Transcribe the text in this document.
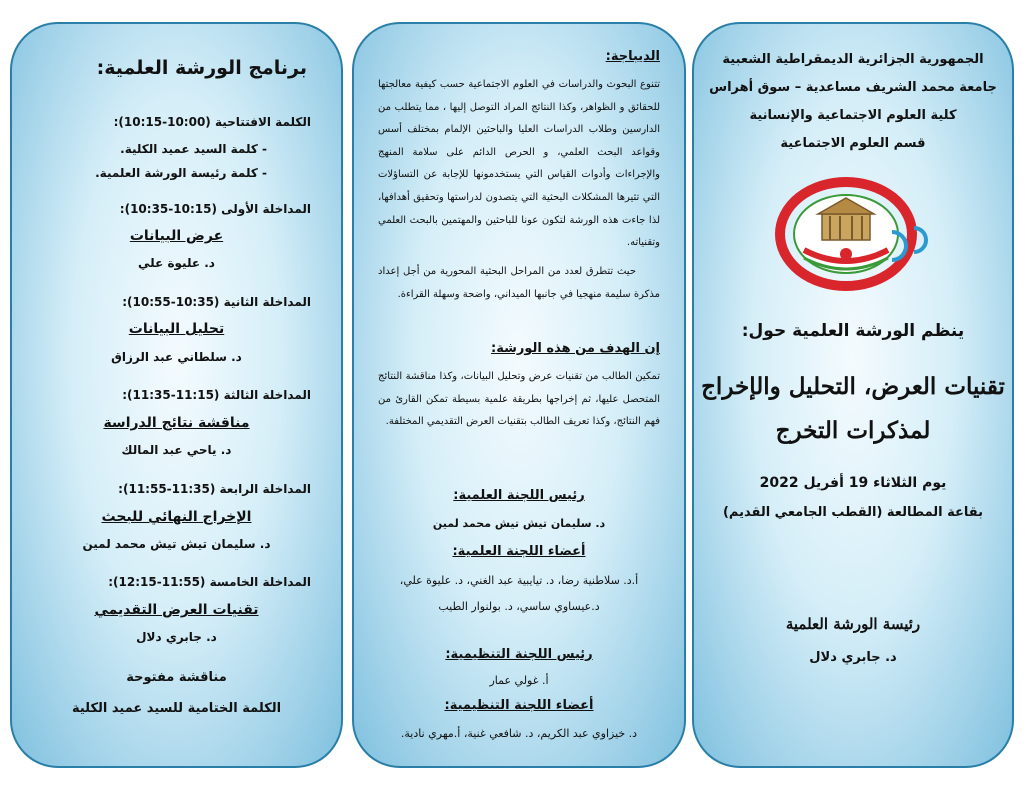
برنامج الورشة العلمية:
الكلمة الافتتاحية (10:00-10:15):
- كلمة السيد عميد الكلية.
- كلمة رئيسة الورشة العلمية.
المداخلة الأولى (10:15-10:35):
عرض البيانات
د. عليوة علي
المداخلة الثانية (10:35-10:55):
تحليل البيانات
د. سلطاني عبد الرزاق
المداخلة الثالثة (11:15-11:35):
مناقشة نتائج الدراسة
د. ياحي عبد المالك
المداخلة الرابعة (11:35-11:55):
الإخراج النهائي للبحث
د. سليمان تيش تيش محمد لمين
المداخلة الخامسة (11:55-12:15):
تقنيات العرض التقديمي
د. جابري دلال
مناقشة مفتوحة
الكلمة الختامية للسيد عميد الكلية
الديباجة:
تتنوع البحوث والدراسات في العلوم الاجتماعية حسب كيفية معالجتها للحقائق و الظواهر، وكذا النتائج المراد التوصل إليها ، مما يتطلب من الدارسين وطلاب الدراسات العليا والباحثين الإلمام بمختلف أسس وقواعد البحث العلمي، و الحرص الدائم على سلامة المنهج والإجراءات وأدوات القياس التي يستخدمونها للإجابة عن التساؤلات التي تثيرها المشكلات البحثية التي يتصدون لدراستها وتحقيق أهدافها، لذا جاءت هذه الورشة لتكون عونا للباحثين والمهتمين بالبحث العلمي وتقنياته.
حيث تتطرق لعدد من المراحل البحثية المحورية من أجل إعداد مذكرة سليمة منهجيا في جانبها الميداني، واضحة وسهلة القراءة.
إن الهدف من هذه الورشة:
تمكين الطالب من تقنيات عرض وتحليل البيانات، وكذا مناقشة النتائج المتحصل عليها، ثم إخراجها بطريقة علمية بسيطة تمكن القارئ من فهم النتائج، وكذا تعريف الطالب بتقنيات العرض التقديمي المختلفة.
رئيس اللجنة العلمية:
د. سليمان تيش تيش محمد لمين
أعضاء اللجنة العلمية:
أ.د. سلاطنية رضا، د. تيايبية عبد الغني، د. عليوة علي،
د.عيساوي ساسي، د. بولنوار الطيب
رئيس اللجنة التنظيمية:
أ. غولي عمار
أعضاء اللجنة التنظيمية:
د. خيزاوي عبد الكريم، د. شافعي غنية، أ.مهري نادية.
الجمهورية الجزائرية الديمقراطية الشعبية
جامعة محمد الشريف مساعدية – سوق أهراس
كلية العلوم الاجتماعية والإنسانية
قسم العلوم الاجتماعية
ينظم الورشة العلمية حول:
تقنيات العرض، التحليل والإخراج
لمذكرات التخرج
يوم الثلاثاء 19 أفريل 2022
بقاعة المطالعة (القطب الجامعي القديم)
رئيسة الورشة العلمية
د. جابري دلال
